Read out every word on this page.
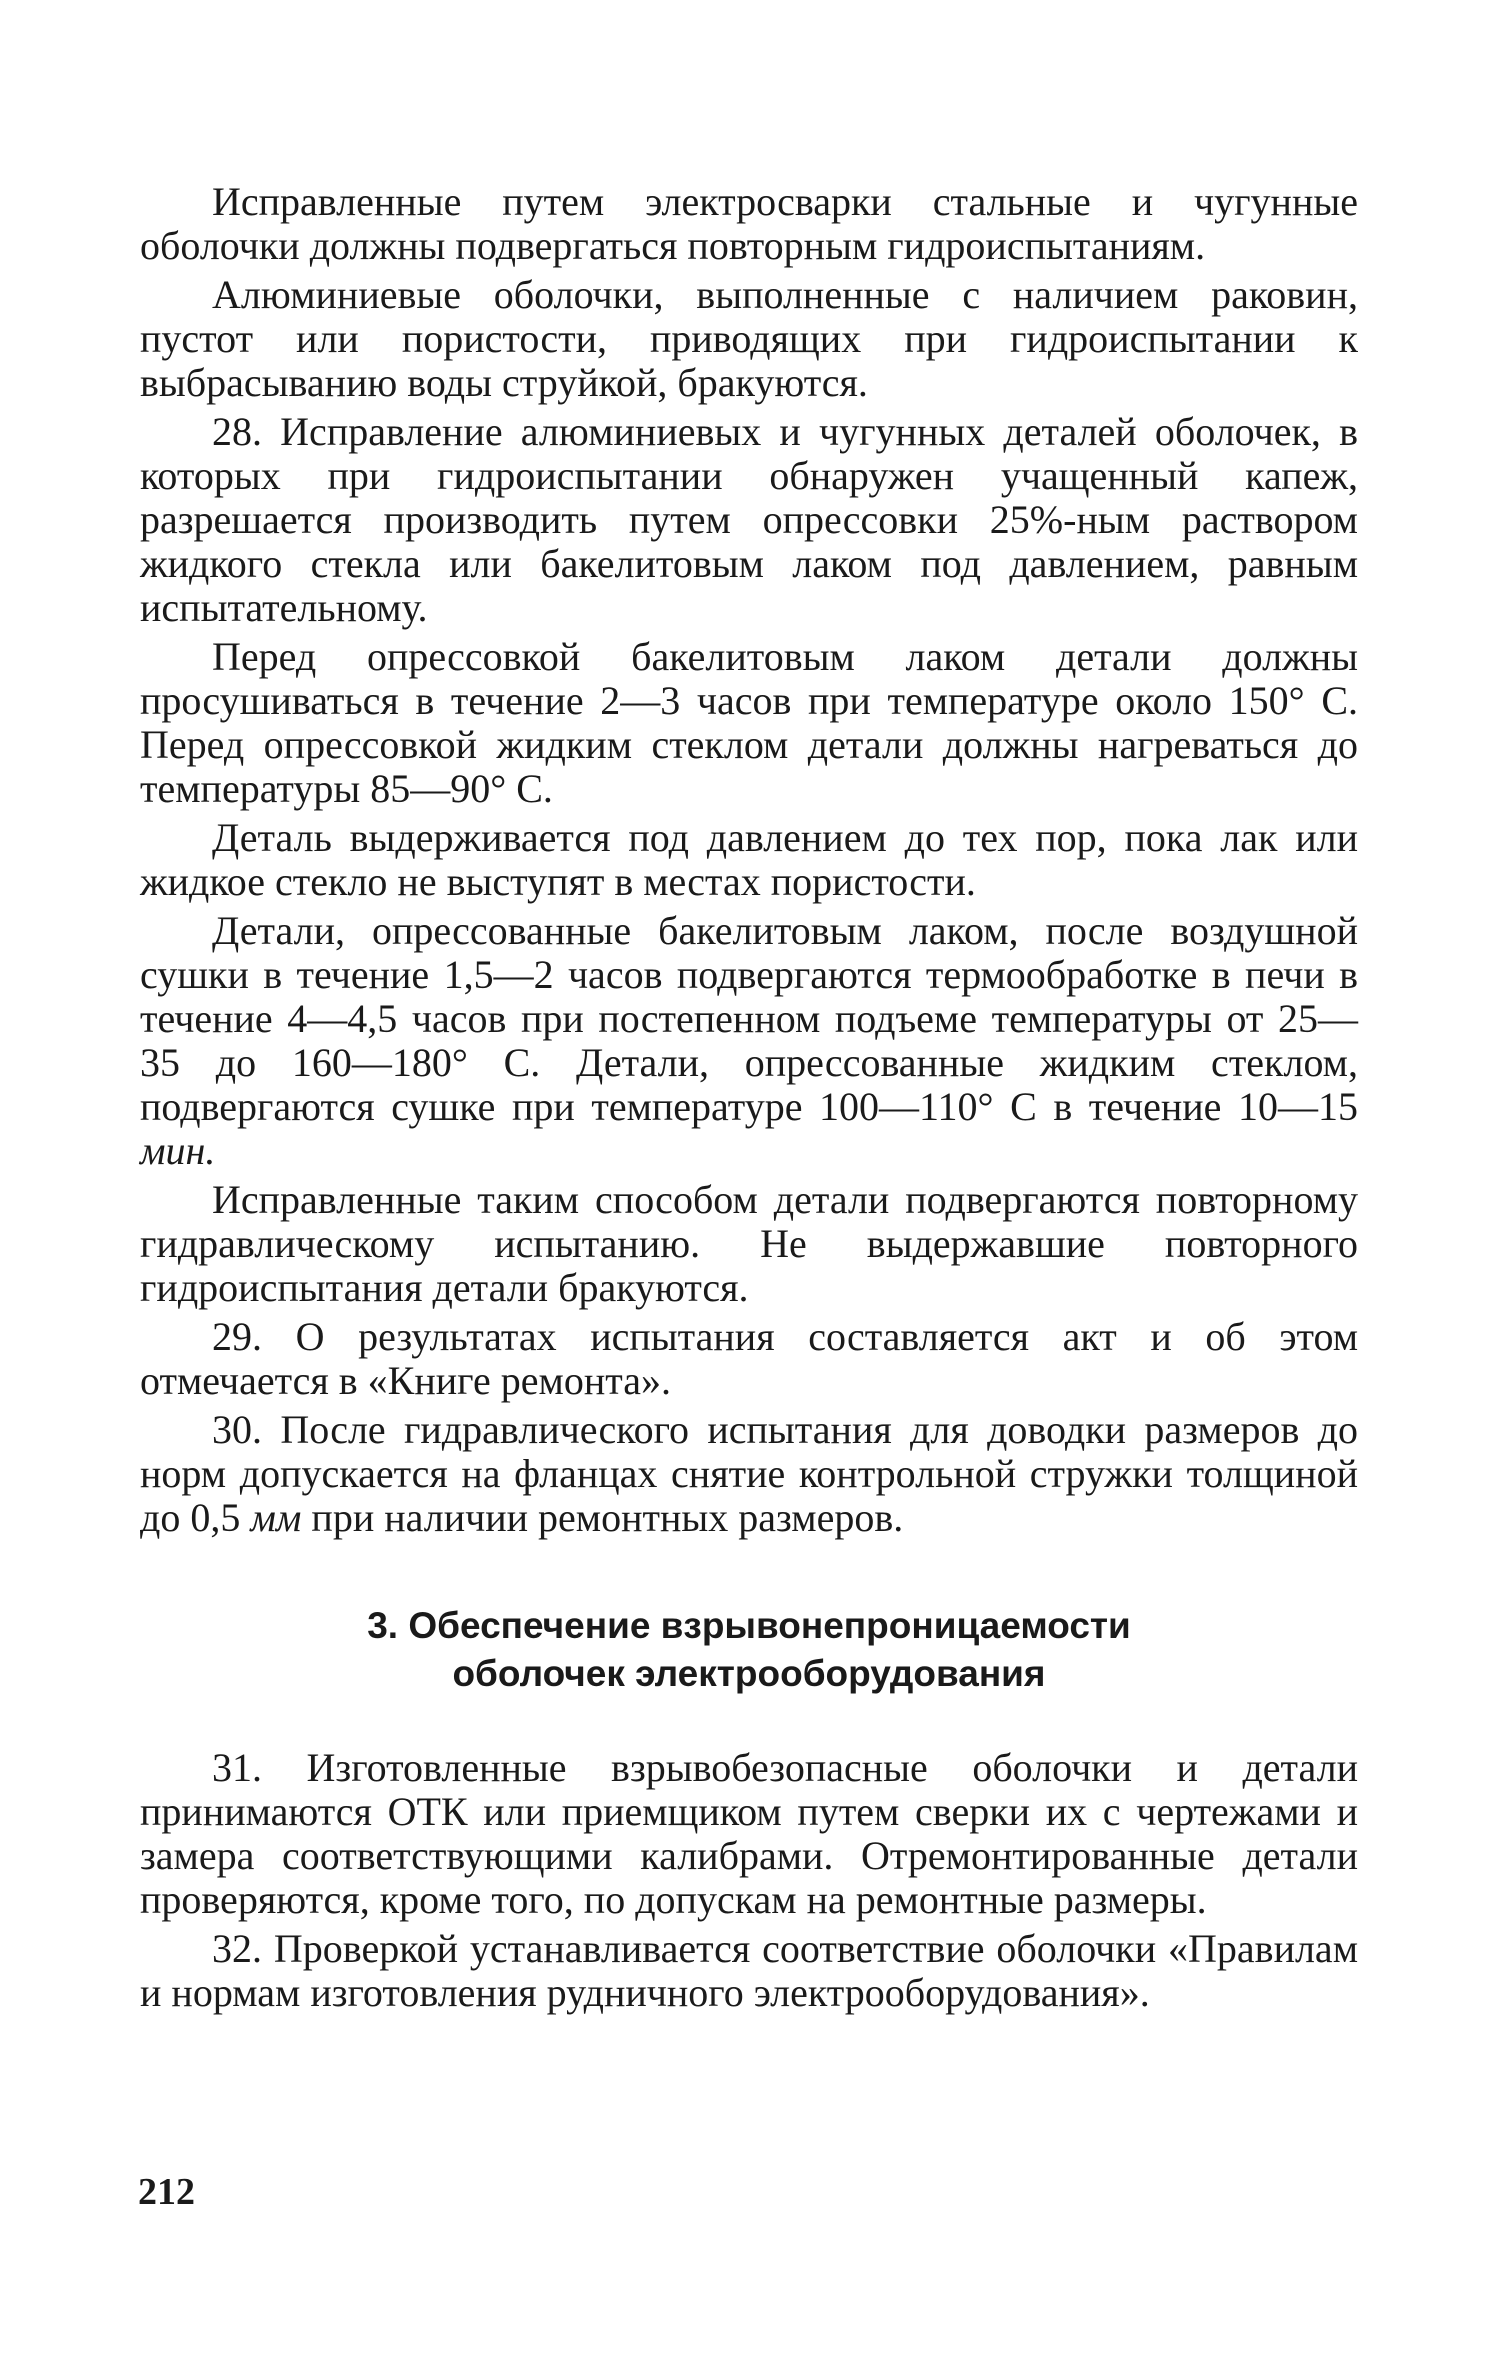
Исправленные путем электросварки стальные и чугунные оболочки должны подвергаться повторным гидроиспытаниям.

Алюминиевые оболочки, выполненные с наличием раковин, пустот или пористости, приводящих при гидроиспытании к выбрасыванию воды струйкой, бракуются.

28. Исправление алюминиевых и чугунных деталей оболочек, в которых при гидроиспытании обнаружен учащенный капеж, разрешается производить путем опрессовки 25%-ным раствором жидкого стекла или бакелитовым лаком под давлением, равным испытательному.

Перед опрессовкой бакелитовым лаком детали должны просушиваться в течение 2—3 часов при температуре около 150° С. Перед опрессовкой жидким стеклом детали должны нагреваться до температуры 85—90° С.

Деталь выдерживается под давлением до тех пор, пока лак или жидкое стекло не выступят в местах пористости.

Детали, опрессованные бакелитовым лаком, после воздушной сушки в течение 1,5—2 часов подвергаются термообработке в печи в течение 4—4,5 часов при постепенном подъеме температуры от 25—35 до 160—180° С. Детали, опрессованные жидким стеклом, подвергаются сушке при температуре 100—110° С в течение 10—15 мин.

Исправленные таким способом детали подвергаются повторному гидравлическому испытанию. Не выдержавшие повторного гидроиспытания детали бракуются.

29. О результатах испытания составляется акт и об этом отмечается в «Книге ремонта».

30. После гидравлического испытания для доводки размеров до норм допускается на фланцах снятие контрольной стружки толщиной до 0,5 мм при наличии ремонтных размеров.

3. Обеспечение взрывонепроницаемости
оболочек электрооборудования

31. Изготовленные взрывобезопасные оболочки и детали принимаются ОТК или приемщиком путем сверки их с чертежами и замера соответствующими калибрами. Отремонтированные детали проверяются, кроме того, по допускам на ремонтные размеры.

32. Проверкой устанавливается соответствие оболочки «Правилам и нормам изготовления рудничного электрооборудования».

212
